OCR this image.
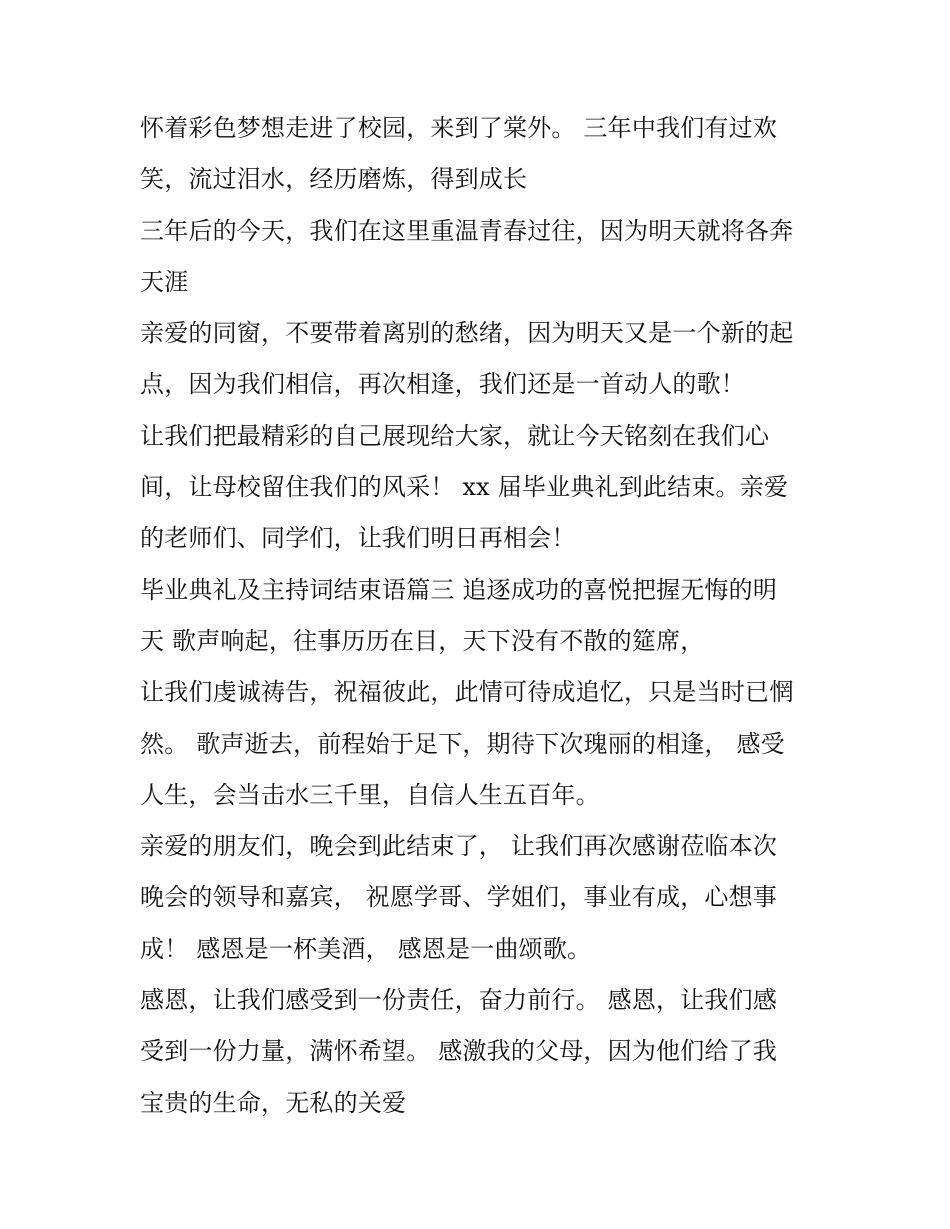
怀着彩色梦想走进了校园，来到了棠外。 三年中我们有过欢
笑，流过泪水，经历磨炼，得到成长
三年后的今天，我们在这里重温青春过往，因为明天就将各奔
天涯
亲爱的同窗，不要带着离别的愁绪，因为明天又是一个新的起
点，因为我们相信，再次相逢，我们还是一首动人的歌！
让我们把最精彩的自己展现给大家，就让今天铭刻在我们心
间，让母校留住我们的风采！ xx 届毕业典礼到此结束。亲爱
的老师们、同学们，让我们明日再相会！
毕业典礼及主持词结束语篇三 追逐成功的喜悦把握无悔的明
天 歌声响起，往事历历在目，天下没有不散的筵席，
让我们虔诚祷告，祝福彼此，此情可待成追忆，只是当时已惘
然。 歌声逝去，前程始于足下，期待下次瑰丽的相逢， 感受
人生，会当击水三千里，自信人生五百年。
亲爱的朋友们，晚会到此结束了， 让我们再次感谢莅临本次
晚会的领导和嘉宾， 祝愿学哥、学姐们，事业有成，心想事
成！ 感恩是一杯美酒， 感恩是一曲颂歌。
感恩，让我们感受到一份责任，奋力前行。 感恩，让我们感
受到一份力量，满怀希望。 感激我的父母，因为他们给了我
宝贵的生命，无私的关爱
